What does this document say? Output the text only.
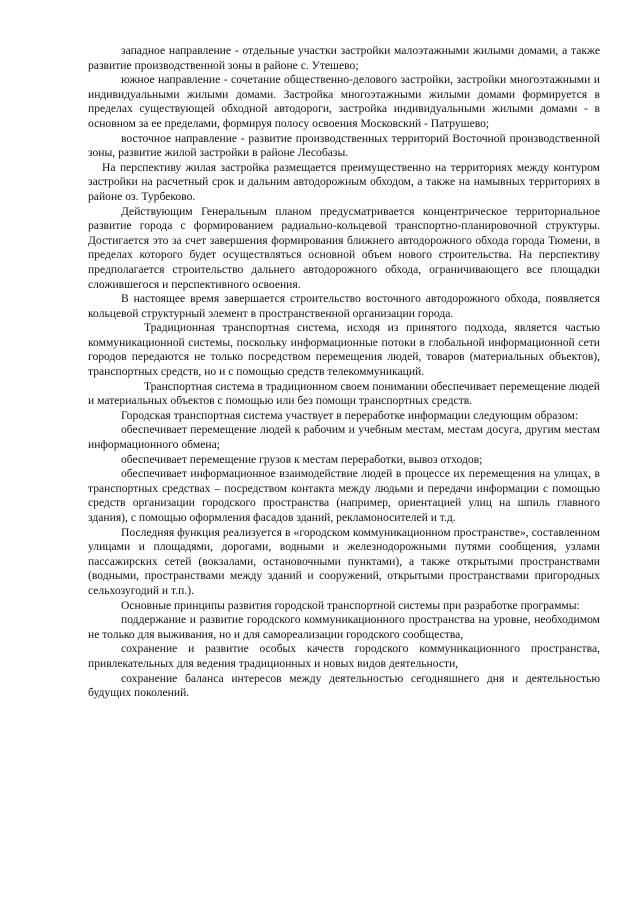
западное направление - отдельные участки застройки малоэтажными жилыми домами, а также развитие производственной зоны в районе с. Утешево;

южное направление - сочетание общественно-делового застройки, застройки многоэтажными и индивидуальными жилыми домами. Застройка многоэтажными жилыми домами формируется в пределах существующей обходной автодороги, застройка индивидуальными жилыми домами - в основном за ее пределами, формируя полосу освоения Московский - Патрушево;

восточное направление - развитие производственных территорий Восточной производственной зоны, развитие жилой застройки в районе Лесобазы.

На перспективу жилая застройка размещается преимущественно на территориях между контуром застройки на расчетный срок и дальним автодорожным обходом, а также на намывных территориях в районе оз. Турбеково.

Действующим Генеральным планом предусматривается концентрическое территориальное развитие города с формированием радиально-кольцевой транспортно-планировочной структуры. Достигается это за счет завершения формирования ближнего автодорожного обхода города Тюмени, в пределах которого будет осуществляться основной объем нового строительства. На перспективу предполагается строительство дальнего автодорожного обхода, ограничивающего все площадки сложившегося и перспективного освоения.

В настоящее время завершается строительство восточного автодорожного обхода, появляется кольцевой структурный элемент в пространственной организации города.

Традиционная транспортная система, исходя из принятого подхода, является частью коммуникационной системы, поскольку информационные потоки в глобальной информационной сети городов передаются не только посредством перемещения людей, товаров (материальных объектов), транспортных средств, но и с помощью средств телекоммуникаций.

Транспортная система в традиционном своем понимании обеспечивает перемещение людей и материальных объектов с помощью или без помощи транспортных средств.

Городская транспортная система участвует в переработке информации следующим образом:

обеспечивает перемещение людей к рабочим и учебным местам, местам досуга, другим местам информационного обмена;

обеспечивает перемещение грузов к местам переработки, вывоз отходов;

обеспечивает информационное взаимодействие людей в процессе их перемещения на улицах, в транспортных средствах – посредством контакта между людьми и передачи информации с помощью средств организации городского пространства (например, ориентацией улиц на шпиль главного здания), с помощью оформления фасадов зданий, рекламоносителей и т.д.

Последняя функция реализуется в «городском коммуникационном пространстве», составленном улицами и площадями, дорогами, водными и железнодорожными путями сообщения, узлами пассажирских сетей (вокзалами, остановочными пунктами), а также открытыми пространствами (водными, пространствами между зданий и сооружений, открытыми пространствами пригородных сельхозугодий и т.п.).

Основные принципы развития городской транспортной системы при разработке программы:

поддержание и развитие городского коммуникационного пространства на уровне, необходимом не только для выживания, но и для самореализации городского сообщества,

сохранение и развитие особых качеств городского коммуникационного пространства, привлекательных для ведения традиционных и новых видов деятельности,

сохранение баланса интересов между деятельностью сегодняшнего дня и деятельностью будущих поколений.
